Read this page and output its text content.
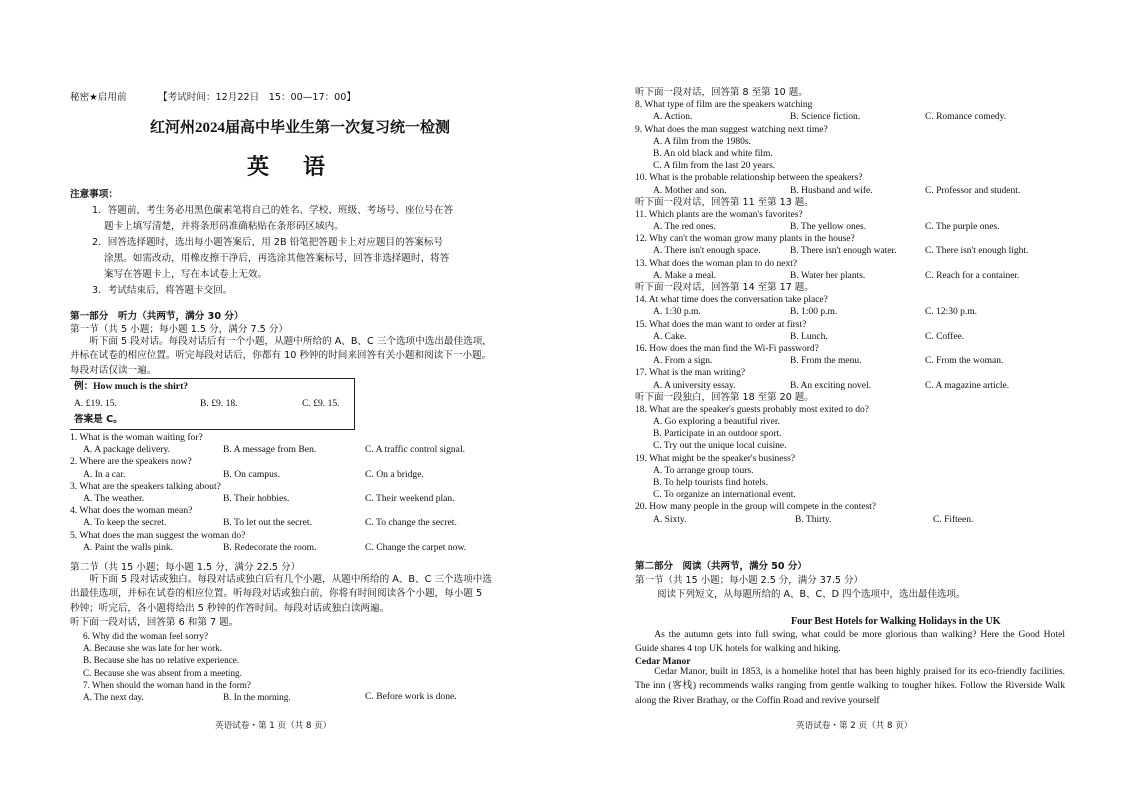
秘密★启用前	【考试时间：12月22日　15：00—17：00】
红河州2024届高中毕业生第一次复习统一检测
英　语
注意事项：
1．答题前，考生务必用黑色碳素笔将自己的姓名、学校、班级、考场号、座位号在答
题卡上填写清楚，并将条形码准确粘贴在条形码区域内。
2．回答选择题时，选出每小题答案后，用 2B 铅笔把答题卡上对应题目的答案标号
涂黑。如需改动，用橡皮擦干净后，再选涂其他答案标号，回答非选择题时，将答
案写在答题卡上，写在本试卷上无效。
3．考试结束后，将答题卡交回。
第一部分　听力（共两节，满分 30 分）
第一节（共 5 小题；每小题 1.5 分，满分 7.5 分）
听下面 5 段对话。每段对话后有一个小题，从题中所给的 A、B、C 三个选项中选出最佳选项，并标在试卷的相应位置。听完每段对话后，你都有 10 秒钟的时间来回答有关小题和阅读下一小题。每段对话仅读一遍。
例：How much is the shirt?
A. £19. 15.	B. £9. 18.	C. £9. 15.
答案是 C。
1. What is the woman waiting for?
A. A package delivery.	B. A message from Ben.	C. A traffic control signal.
2. Where are the speakers now?
A. In a car.	B. On campus.	C. On a bridge.
3. What are the speakers talking about?
A. The weather.	B. Their hobbies.	C. Their weekend plan.
4. What does the woman mean?
A. To keep the secret.	B. To let out the secret.	C. To change the secret.
5. What does the man suggest the woman do?
A. Paint the walls pink.	B. Redecorate the room.	C. Change the carpet now.
第二节（共 15 小题；每小题 1.5 分，满分 22.5 分）
听下面 5 段对话或独白。每段对话或独白后有几个小题，从题中所给的 A、B、C 三个选项中选出最佳选项，并标在试卷的相应位置。听每段对话或独白前，你将有时间阅读各个小题，每小题 5 秒钟；听完后，各小题将给出 5 秒钟的作答时间。每段对话或独白读两遍。
听下面一段对话，回答第 6 和第 7 题。
6. Why did the woman feel sorry?
A. Because she was late for her work.
B. Because she has no relative experience.
C. Because she was absent from a meeting.
7. When should the woman hand in the form?
A. The next day.	B. In the morning.	C. Before work is done.
英语试卷・第 1 页（共 8 页）
听下面一段对话，回答第 8 至第 10 题。
8. What type of film are the speakers watching
A. Action.	B. Science fiction.	C. Romance comedy.
9. What does the man suggest watching next time?
A. A film from the 1980s.
B. An old black and white film.
C. A film from the last 20 years.
10. What is the probable relationship between the speakers?
A. Mother and son.	B. Husband and wife.	C. Professor and student.
听下面一段对话，回答第 11 至第 13 题。
11. Which plants are the woman's favorites?
A. The red ones.	B. The yellow ones.	C. The purple ones.
12. Why can't the woman grow many plants in the house?
A. There isn't enough space.	B. There isn't enough water.	C. There isn't enough light.
13. What does the woman plan to do next?
A. Make a meal.	B. Water her plants.	C. Reach for a container.
听下面一段对话，回答第 14 至第 17 题。
14. At what time does the conversation take place?
A. 1:30 p.m.	B. 1:00 p.m.	C. 12:30 p.m.
15. What does the man want to order at first?
A. Cake.	B. Lunch.	C. Coffee.
16. How does the man find the Wi-Fi password?
A. From a sign.	B. From the menu.	C. From the woman.
17. What is the man writing?
A. A university essay.	B. An exciting novel.	C. A magazine article.
听下面一段独白，回答第 18 至第 20 题。
18. What are the speaker's guests probably most exited to do?
A. Go exploring a beautiful river.
B. Participate in an outdoor sport.
C. Try out the unique local cuisine.
19. What might be the speaker's business?
A. To arrange group tours.
B. To help tourists find hotels.
C. To organize an international event.
20. How many people in the group will compete in the contest?
A. Sixty.	B. Thirty.	C. Fifteen.
第二部分　阅读（共两节，满分 50 分）
第一节（共 15 小题；每小题 2.5 分，满分 37.5 分）
阅读下列短文，从每题所给的 A、B、C、D 四个选项中，选出最佳选项。
Four Best Hotels for Walking Holidays in the UK
As the autumn gets into full swing, what could be more glorious than walking? Here the Good Hotel Guide shares 4 top UK hotels for walking and hiking.
Cedar Manor
Cedar Manor, built in 1853, is a homelike hotel that has been highly praised for its eco-friendly facilities. The inn (客栈) recommends walks ranging from gentle walking to tougher hikes. Follow the Riverside Walk along the River Brathay, or the Coffin Road and revive yourself
英语试卷・第 2 页（共 8 页）
